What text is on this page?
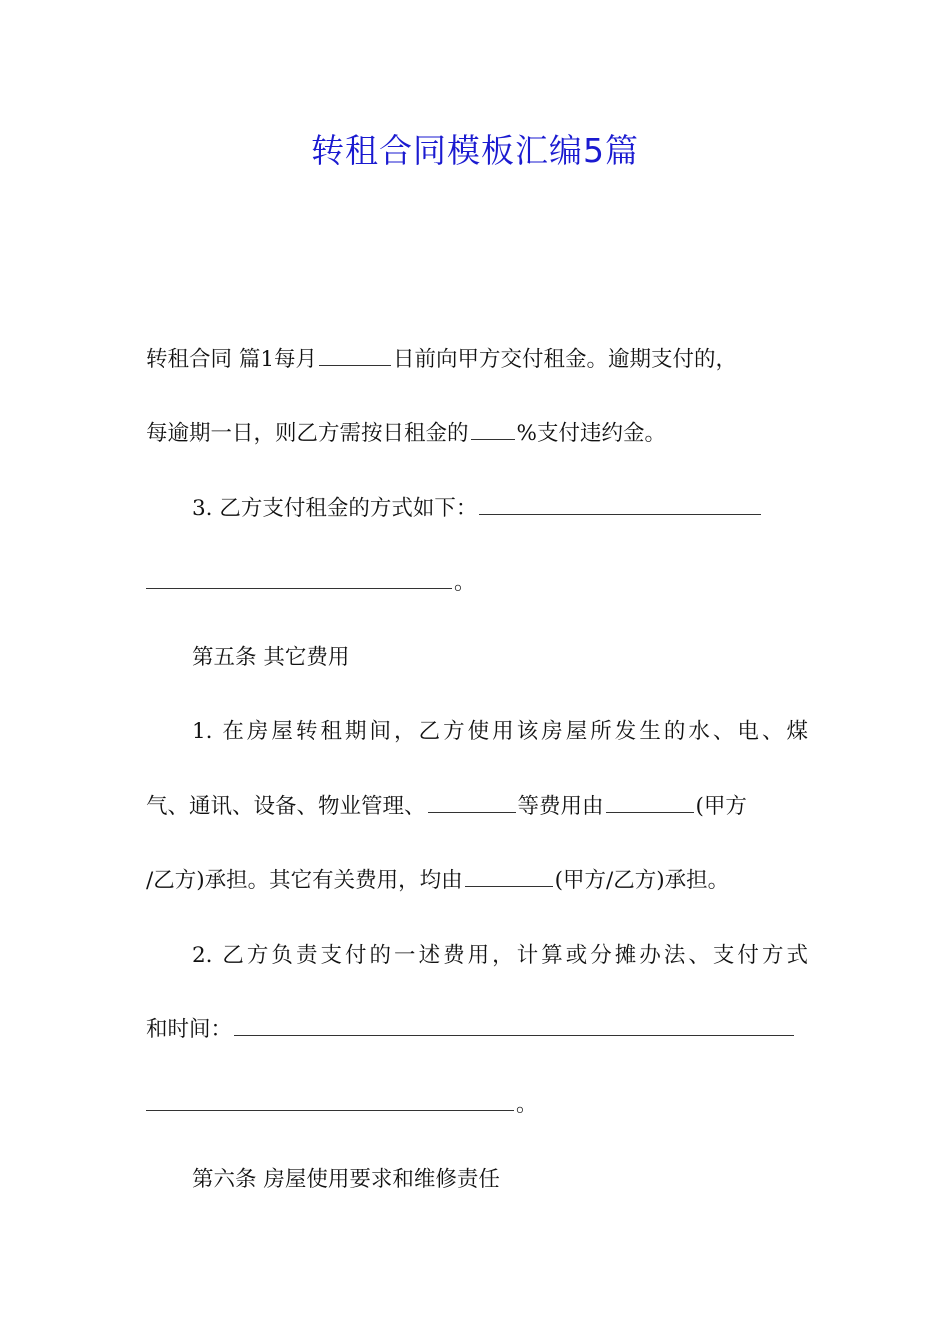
转租合同模板汇编5篇
转租合同 篇1每月	日前向甲方交付租金。逾期支付的，
每逾期一日，则乙方需按日租金的 %支付违约金。
3. 乙方支付租金的方式如下：
。
第五条 其它费用
1. 在房屋转租期间，乙方使用该房屋所发生的水、电、煤
气、通讯、设备、物业管理、	等费用由	(甲方
/乙方)承担。其它有关费用，均由	(甲方/乙方)承担。
2. 乙方负责支付的一述费用，计算或分摊办法、支付方式
和时间：
。
第六条 房屋使用要求和维修责任
